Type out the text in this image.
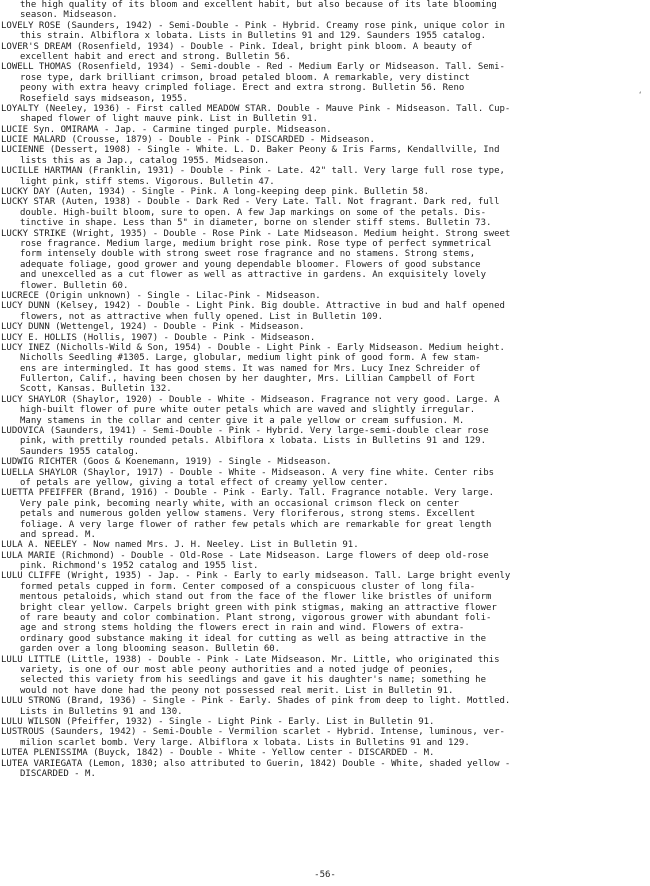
the high quality of its bloom and excellent habit, but also because of its late blooming
season. Midseason.
LOVELY ROSE (Saunders, 1942) - Semi-Double - Pink - Hybrid. Creamy rose pink, unique color in
this strain. Albiflora x lobata. Lists in Bulletins 91 and 129. Saunders 1955 catalog.
LOVER'S DREAM (Rosenfield, 1934) - Double - Pink. Ideal, bright pink bloom. A beauty of
excellent habit and erect and strong. Bulletin 56.
LOWELL THOMAS (Rosenfield, 1934) - Semi-double - Red - Medium Early or Midseason. Tall. Semi-
rose type, dark brilliant crimson, broad petaled bloom. A remarkable, very distinct
peony with extra heavy crimpled foliage. Erect and extra strong. Bulletin 56. Reno
Rosefield says midseason, 1955.
LOYALTY (Neeley, 1936) - First called MEADOW STAR. Double - Mauve Pink - Midseason. Tall. Cup-
shaped flower of light mauve pink. List in Bulletin 91.
LUCIE Syn. OMIRAMA - Jap. - Carmine tinged purple. Midseason.
LUCIE MALARD (Crousse, 1879) - Double - Pink - DISCARDED - Midseason.
LUCIENNE (Dessert, 1908) - Single - White. L. D. Baker Peony & Iris Farms, Kendallville, Ind
lists this as a Jap., catalog 1955. Midseason.
LUCILLE HARTMAN (Franklin, 1931) - Double - Pink - Late. 42" tall. Very large full rose type,
light pink, stiff stems. Vigorous. Bulletin 47.
LUCKY DAY (Auten, 1934) - Single - Pink. A long-keeping deep pink. Bulletin 58.
LUCKY STAR (Auten, 1938) - Double - Dark Red - Very Late. Tall. Not fragrant. Dark red, full
double. High-built bloom, sure to open. A few Jap markings on some of the petals. Dis-
tinctive in shape. Less than 5" in diameter, borne on slender stiff stems. Bulletin 73.
LUCKY STRIKE (Wright, 1935) - Double - Rose Pink - Late Midseason. Medium height. Strong sweet
rose fragrance. Medium large, medium bright rose pink. Rose type of perfect symmetrical
form intensely double with strong sweet rose fragrance and no stamens. Strong stems,
adequate foliage, good grower and young dependable bloomer. Flowers of good substance
and unexcelled as a cut flower as well as attractive in gardens. An exquisitely lovely
flower. Bulletin 60.
LUCRECE (Origin unknown) - Single - Lilac-Pink - Midseason.
LUCY DUNN (Kelsey, 1942) - Double - Light Pink. Big double. Attractive in bud and half opened
flowers, not as attractive when fully opened. List in Bulletin 109.
LUCY DUNN (Wettengel, 1924) - Double - Pink - Midseason.
LUCY E. HOLLIS (Hollis, 1907) - Double - Pink - Midseason.
LUCY INEZ (Nicholls-Wild & Son, 1954) - Double - Light Pink - Early Midseason. Medium height.
Nicholls Seedling #1305. Large, globular, medium light pink of good form. A few stam-
ens are intermingled. It has good stems. It was named for Mrs. Lucy Inez Schreider of
Fullerton, Calif., having been chosen by her daughter, Mrs. Lillian Campbell of Fort
Scott, Kansas. Bulletin 132.
LUCY SHAYLOR (Shaylor, 1920) - Double - White - Midseason. Fragrance not very good. Large. A
high-built flower of pure white outer petals which are waved and slightly irregular.
Many stamens in the collar and center give it a pale yellow or cream suffusion. M.
LUDOVICA (Saunders, 1941) - Semi-Double - Pink - Hybrid. Very large-semi-double clear rose
pink, with prettily rounded petals. Albiflora x lobata. Lists in Bulletins 91 and 129.
Saunders 1955 catalog.
LUDWIG RICHTER (Goos & Koenemann, 1919) - Single - Midseason.
LUELLA SHAYLOR (Shaylor, 1917) - Double - White - Midseason. A very fine white. Center ribs
of petals are yellow, giving a total effect of creamy yellow center.
LUETTA PFEIFFER (Brand, 1916) - Double - Pink - Early. Tall. Fragrance notable. Very large.
Very pale pink, becoming nearly white, with an occasional crimson fleck on center
petals and numerous golden yellow stamens. Very floriferous, strong stems. Excellent
foliage. A very large flower of rather few petals which are remarkable for great length
and spread. M.
LULA A. NEELEY - Now named Mrs. J. H. Neeley. List in Bulletin 91.
LULA MARIE (Richmond) - Double - Old-Rose - Late Midseason. Large flowers of deep old-rose
pink. Richmond's 1952 catalog and 1955 list.
LULU CLIFFE (Wright, 1935) - Jap. - Pink - Early to early midseason. Tall. Large bright evenly
formed petals cupped in form. Center composed of a conspicuous cluster of long fila-
mentous petaloids, which stand out from the face of the flower like bristles of uniform
bright clear yellow. Carpels bright green with pink stigmas, making an attractive flower
of rare beauty and color combination. Plant strong, vigorous grower with abundant foli-
age and strong stems holding the flowers erect in rain and wind. Flowers of extra-
ordinary good substance making it ideal for cutting as well as being attractive in the
garden over a long blooming season. Bulletin 60.
LULU LITTLE (Little, 1938) - Double - Pink - Late Midseason. Mr. Little, who originated this
variety, is one of our most able peony authorities and a noted judge of peonies,
selected this variety from his seedlings and gave it his daughter's name; something he
would not have done had the peony not possessed real merit. List in Bulletin 91.
LULU STRONG (Brand, 1936) - Single - Pink - Early. Shades of pink from deep to light. Mottled.
Lists in Bulletins 91 and 130.
LULU WILSON (Pfeiffer, 1932) - Single - Light Pink - Early. List in Bulletin 91.
LUSTROUS (Saunders, 1942) - Semi-Double - Vermilion scarlet - Hybrid. Intense, luminous, ver-
milion scarlet bomb. Very large. Albiflora x lobata. Lists in Bulletins 91 and 129.
LUTEA PLENISSIMA (Buyck, 1842) - Double - White - Yellow center - DISCARDED - M.
LUTEA VARIEGATA (Lemon, 1830; also attributed to Guerin, 1842) Double - White, shaded yellow -
DISCARDED - M.
ʻ
-56-
